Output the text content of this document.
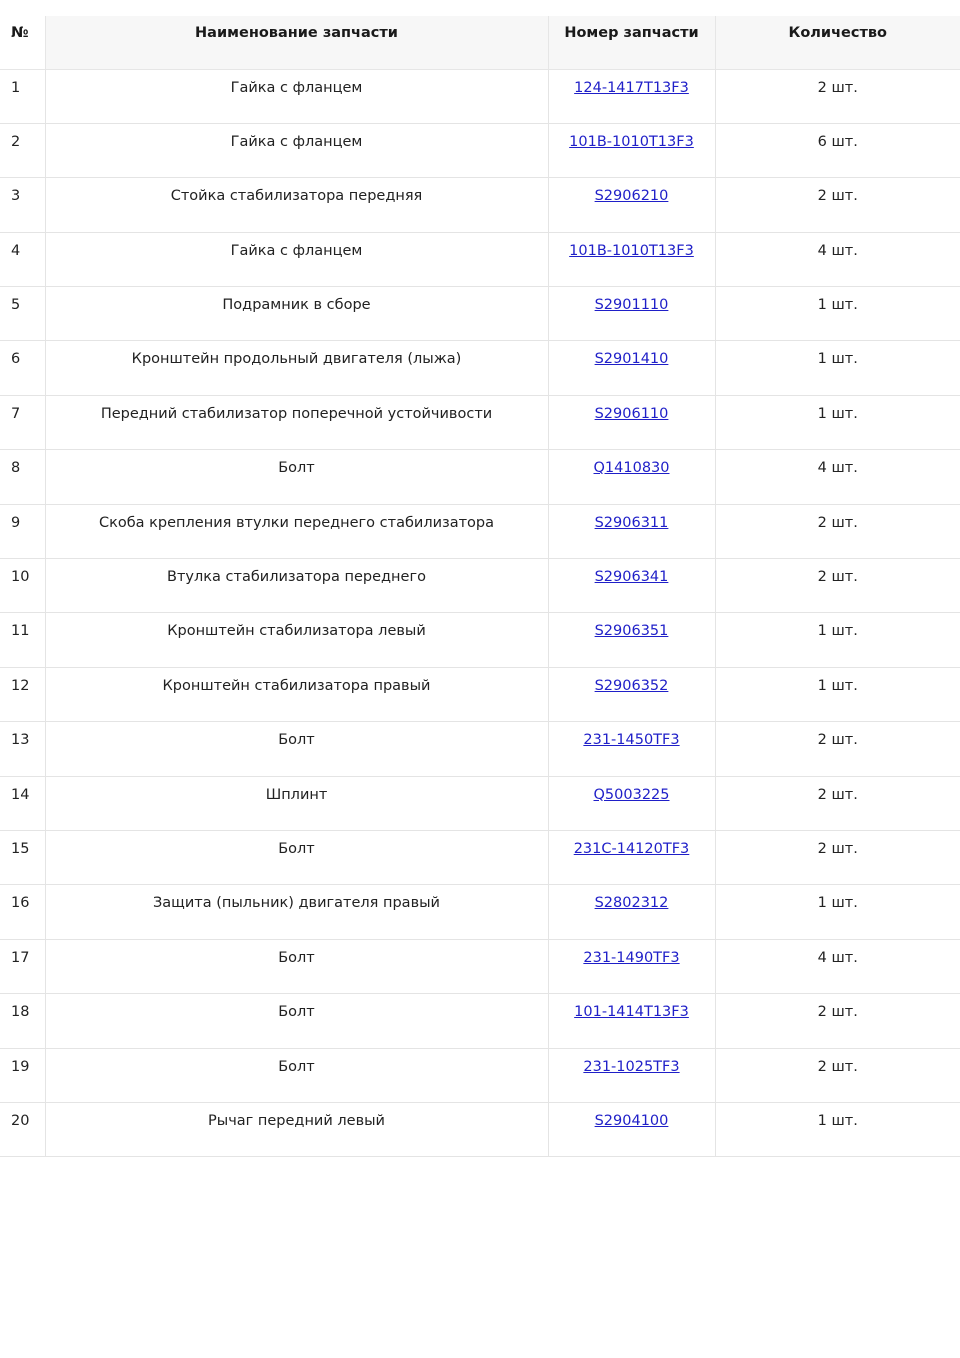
№	Наименование запчасти	Номер запчасти	Количество
1	Гайка с фланцем	124-1417T13F3	2 шт.
2	Гайка с фланцем	101B-1010T13F3	6 шт.
3	Стойка стабилизатора передняя	S2906210	2 шт.
4	Гайка с фланцем	101B-1010T13F3	4 шт.
5	Подрамник в сборе	S2901110	1 шт.
6	Кронштейн продольный двигателя (лыжа)	S2901410	1 шт.
7	Передний стабилизатор поперечной устойчивости	S2906110	1 шт.
8	Болт	Q1410830	4 шт.
9	Скоба крепления втулки переднего стабилизатора	S2906311	2 шт.
10	Втулка стабилизатора переднего	S2906341	2 шт.
11	Кронштейн стабилизатора левый	S2906351	1 шт.
12	Кронштейн стабилизатора правый	S2906352	1 шт.
13	Болт	231-1450TF3	2 шт.
14	Шплинт	Q5003225	2 шт.
15	Болт	231C-14120TF3	2 шт.
16	Защита (пыльник) двигателя правый	S2802312	1 шт.
17	Болт	231-1490TF3	4 шт.
18	Болт	101-1414T13F3	2 шт.
19	Болт	231-1025TF3	2 шт.
20	Рычаг передний левый	S2904100	1 шт.
